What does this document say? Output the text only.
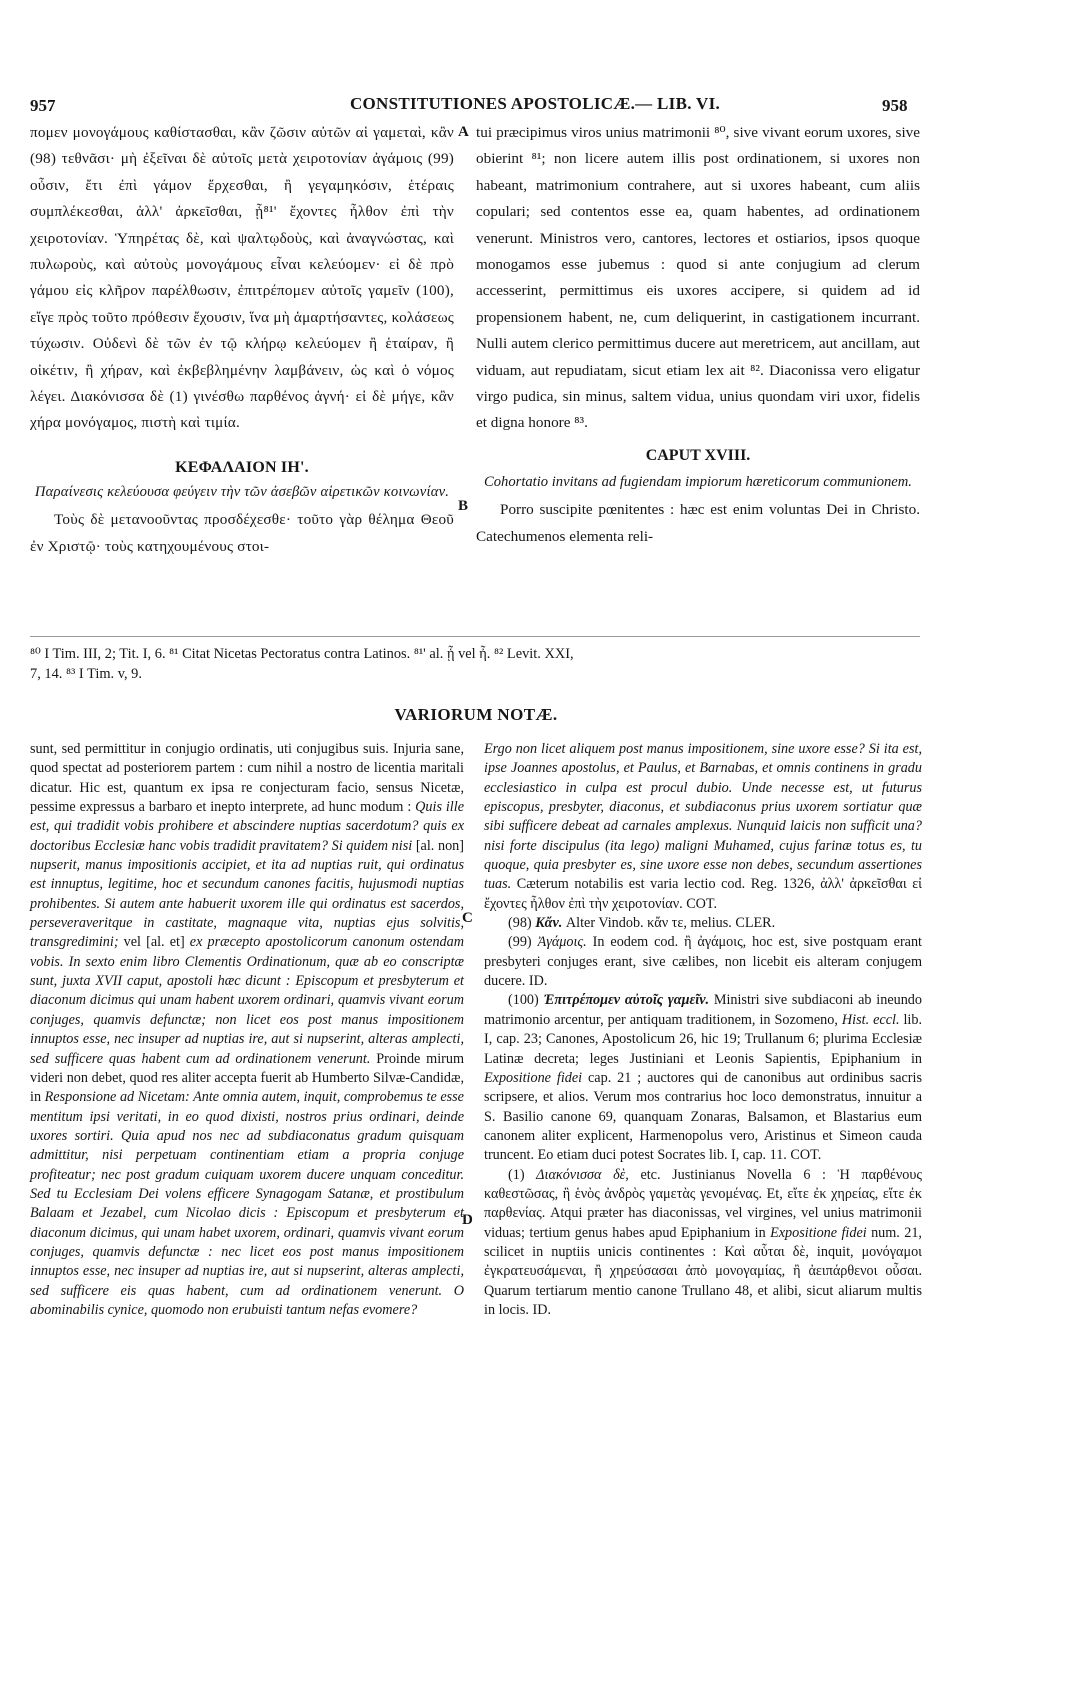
957	CONSTITUTIONES APOSTOLICÆ.— LIB. VI.	958

πομεν μονογάμους καθίστασθαι, κἂν ζῶσιν αὐτῶν αἱ γαμεταὶ, κἂν (98) τεθνᾶσι· μὴ ἐξεῖναι δὲ αὐτοῖς μετὰ χειροτονίαν ἀγάμοις (99) οὖσιν, ἔτι ἐπὶ γάμον ἔρχεσθαι, ἢ γεγαμηκόσιν, ἑτέραις συμπλέκεσθαι, ἀλλ' ἀρκεῖσθαι, ᾗ⁸¹' ἔχοντες ἦλθον ἐπὶ τὴν χειροτονίαν. Ὑπηρέτας δὲ, καὶ ψαλτῳδοὺς, καὶ ἀναγνώστας, καὶ πυλωροὺς, καὶ αὐτοὺς μονογάμους εἶναι κελεύομεν· εἰ δὲ πρὸ γάμου εἰς κλῆρον παρέλθωσιν, ἐπιτρέπομεν αὐτοῖς γαμεῖν (100), εἴγε πρὸς τοῦτο πρόθεσιν ἔχουσιν, ἵνα μὴ ἁμαρτήσαντες, κολάσεως τύχωσιν. Οὐδενὶ δὲ τῶν ἐν τῷ κλήρῳ κελεύομεν ἢ ἑταίραν, ἢ οἰκέτιν, ἢ χήραν, καὶ ἐκβεβλημένην λαμβάνειν, ὡς καὶ ὁ νόμος λέγει. Διακόνισσα δὲ (1) γινέσθω παρθένος ἁγνή· εἰ δὲ μήγε, κἂν χήρα μονόγαμος, πιστὴ καὶ τιμία.

ΚΕΦΑΛΑΙΟΝ ΙΗ'.
Παραίνεσις κελεύουσα φεύγειν τὴν τῶν ἀσεβῶν αἱρετικῶν κοινωνίαν.

Τοὺς δὲ μετανοοῦντας προσδέχεσθε· τοῦτο γὰρ θέλημα Θεοῦ ἐν Χριστῷ· τοὺς κατηχουμένους στοι-

A
B

tui præcipimus viros unius matrimonii ⁸⁰, sive vivant eorum uxores, sive obierint ⁸¹; non licere autem illis post ordinationem, si uxores non habeant, matrimonium contrahere, aut si uxores habeant, cum aliis copulari; sed contentos esse ea, quam habentes, ad ordinationem venerunt. Ministros vero, cantores, lectores et ostiarios, ipsos quoque monogamos esse jubemus : quod si ante conjugium ad clerum accesserint, permittimus eis uxores accipere, si quidem ad id propensionem habent, ne, cum deliquerint, in castigationem incurrant. Nulli autem clerico permittimus ducere aut meretricem, aut ancillam, aut viduam, aut repudiatam, sicut etiam lex ait ⁸². Diaconissa vero eligatur virgo pudica, sin minus, saltem vidua, unius quondam viri uxor, fidelis et digna honore ⁸³.

CAPUT XVIII.
Cohortatio invitans ad fugiendam impiorum hæreticorum communionem.

Porro suscipite pœnitentes : hæc est enim voluntas Dei in Christo. Catechumenos elementa reli-

⁸⁰ I Tim. III, 2; Tit. I, 6. ⁸¹ Citat Nicetas Pectoratus contra Latinos. ⁸¹' al. ᾗ vel ἦ. ⁸² Levit. XXI,
7, 14. ⁸³ I Tim. v, 9.
VARIORUM NOTÆ.

sunt, sed permittitur in conjugio ordinatis, uti conjugibus suis. Injuria sane, quod spectat ad posteriorem partem : cum nihil a nostro de licentia maritali dicatur. Hic est, quantum ex ipsa re conjecturam facio, sensus Nicetæ, pessime expressus a barbaro et inepto interprete, ad hunc modum : Quis ille est, qui tradidit vobis prohibere et abscindere nuptias sacerdotum? quis ex doctoribus Ecclesiæ hanc vobis tradidit pravitatem? Si quidem nisi [al. non] nupserit, manus impositionis accipiet, et ita ad nuptias ruit, qui ordinatus est innuptus, legitime, hoc et secundum canones facitis, hujusmodi nuptias prohibentes. Si autem ante habuerit uxorem ille qui ordinatus est sacerdos, perseveraveritque in castitate, magnaque vita, nuptias ejus solvitis, transgredimini; vel [al. et] ex præcepto apostolicorum canonum ostendam vobis. In sexto enim libro Clementis Ordinationum, quæ ab eo conscriptæ sunt, juxta XVII caput, apostoli hæc dicunt : Episcopum et presbyterum et diaconum dicimus qui unam habent uxorem ordinari, quamvis vivant eorum conjuges, quamvis defunctæ; non licet eos post manus impositionem innuptos esse, nec insuper ad nuptias ire, aut si nupserint, alteras amplecti, sed sufficere quas habent cum ad ordinationem venerunt. Proinde mirum videri non debet, quod res aliter accepta fuerit ab Humberto Silvæ-Candidæ, in Responsione ad Nicetam: Ante omnia autem, inquit, comprobemus te esse mentitum ipsi veritati, in eo quod dixisti, nostros prius ordinari, deinde uxores sortiri. Quia apud nos nec ad subdiaconatus gradum quisquam admittitur, nisi perpetuam continentiam etiam a propria conjuge profiteatur; nec post gradum cuiquam uxorem ducere unquam conceditur. Sed tu Ecclesiam Dei volens efficere Synagogam Satanæ, et prostibulum Balaam et Jezabel, cum Nicolao dicis : Episcopum et presbyterum et diaconum dicimus, qui unam habet uxorem, ordinari, quamvis vivant eorum conjuges, quamvis defunctæ : nec licet eos post manus impositionem innuptos esse, nec insuper ad nuptias ire, aut si nupserint, alteras amplecti, sed sufficere eis quas habent, cum ad ordinationem venerunt. O abominabilis cynice, quomodo non erubuisti tantum nefas evomere?

C
D

Ergo non licet aliquem post manus impositionem, sine uxore esse? Si ita est, ipse Joannes apostolus, et Paulus, et Barnabas, et omnis continens in gradu ecclesiastico in culpa est procul dubio. Unde necesse est, ut futurus episcopus, presbyter, diaconus, et subdiaconus prius uxorem sortiatur quæ sibi sufficere debeat ad carnales amplexus. Nunquid laicis non sufficit una? nisi forte discipulus (ita lego) maligni Muhamed, cujus farinæ totus es, tu quoque, quia presbyter es, sine uxore esse non debes, secundum assertiones tuas. Cæterum notabilis est varia lectio cod. Reg. 1326, ἀλλ' ἀρκεῖσθαι εἰ ἔχοντες ἦλθον ἐπὶ τὴν χειροτονίαν. COT.

(98) Κἄν. Alter Vindob. κἄν τε, melius. CLER.

(99) Ἀγάμοις. In eodem cod. ἢ ἀγάμοις, hoc est, sive postquam erant presbyteri conjuges erant, sive cælibes, non licebit eis alteram conjugem ducere. ID.

(100) Ἐπιτρέπομεν αὐτοῖς γαμεῖν. Ministri sive subdiaconi ab ineundo matrimonio arcentur, per antiquam traditionem, in Sozomeno, Hist. eccl. lib. I, cap. 23; Canones, Apostolicum 26, hic 19; Trullanum 6; plurima Ecclesiæ Latinæ decreta; leges Justiniani et Leonis Sapientis, Epiphanium in Expositione fidei cap. 21 ; auctores qui de canonibus aut ordinibus sacris scripsere, et alios. Verum mos contrarius hoc loco demonstratus, innuitur a S. Basilio canone 69, quanquam Zonaras, Balsamon, et Blastarius eum canonem aliter explicent, Harmenopolus vero, Aristinus et Simeon cauda truncent. Eo etiam duci potest Socrates lib. I, cap. 11. COT.

(1) Διακόνισσα δὲ, etc. Justinianus Novella 6 : Ἡ παρθένους καθεστῶσας, ἢ ἑνὸς ἀνδρὸς γαμετὰς γενομένας. Et, εἴτε ἐκ χηρείας, εἴτε ἐκ παρθενίας. Atqui præter has diaconissas, vel virgines, vel unius matrimonii viduas; tertium genus habes apud Epiphanium in Expositione fidei num. 21, scilicet in nuptiis unicis continentes : Καὶ αὗται δὲ, inquit, μονόγαμοι ἐγκρατευσάμεναι, ἢ χηρεύσασαι ἀπὸ μονογαμίας, ἢ ἀειπάρθενοι οὖσαι. Quarum tertiarum mentio canone Trullano 48, et alibi, sicut aliarum multis in locis. ID.
